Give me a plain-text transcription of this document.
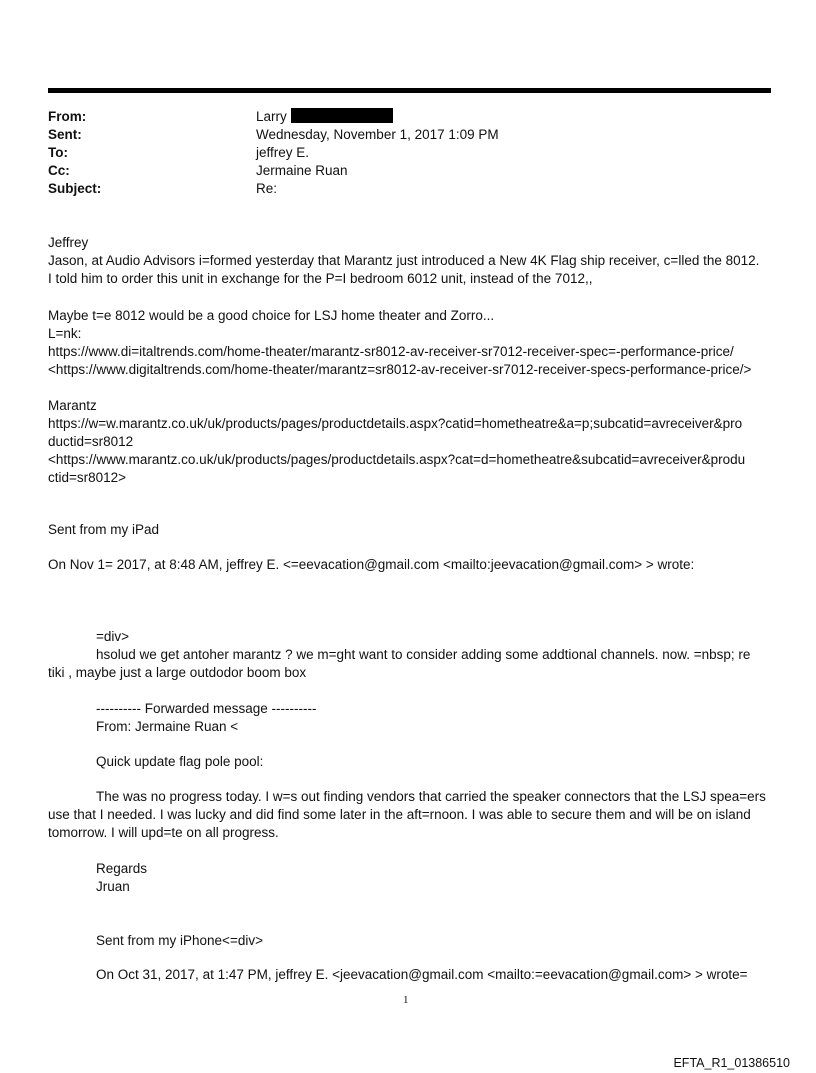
From:	Larry
Sent:	Wednesday, November 1, 2017 1:09 PM
To:	jeffrey E.
Cc:	Jermaine Ruan
Subject:	Re:
Jeffrey
Jason, at Audio Advisors i=formed yesterday that Marantz just introduced a New 4K Flag ship receiver, c=lled the 8012.
I told him to order this unit in exchange for the P=I bedroom 6012 unit, instead of the 7012,,
Maybe t=e 8012 would be a good choice for LSJ home theater and Zorro...
L=nk:
https://www.di=italtrends.com/home-theater/marantz-sr8012-av-receiver-sr7012-receiver-spec=-performance-price/
<https://www.digitaltrends.com/home-theater/marantz=sr8012-av-receiver-sr7012-receiver-specs-performance-price/>
Marantz
https://w=w.marantz.co.uk/uk/products/pages/productdetails.aspx?catid=hometheatre&a=p;subcatid=avreceiver&pro
ductid=sr8012
<https://www.marantz.co.uk/uk/products/pages/productdetails.aspx?cat=d=hometheatre&subcatid=avreceiver&produ
ctid=sr8012>
Sent from my iPad
On Nov 1= 2017, at 8:48 AM, jeffrey E. <=eevacation@gmail.com <mailto:jeevacation@gmail.com> > wrote:
=div>
hsolud we get antoher marantz ? we m=ght want to consider adding some addtional channels. now. =nbsp; re
tiki , maybe just a large outdodor boom box
---------- Forwarded message ----------
From: Jermaine Ruan <
Quick update flag pole pool:
The was no progress today. I w=s out finding vendors that carried the speaker connectors that the LSJ spea=ers
use that I needed. I was lucky and did find some later in the aft=rnoon. I was able to secure them and will be on island
tomorrow. I will upd=te on all progress.
Regards
Jruan
Sent from my iPhone<=div>
On Oct 31, 2017, at 1:47 PM, jeffrey E. <jeevacation@gmail.com <mailto:=eevacation@gmail.com> > wrote=
1
EFTA_R1_01386510
